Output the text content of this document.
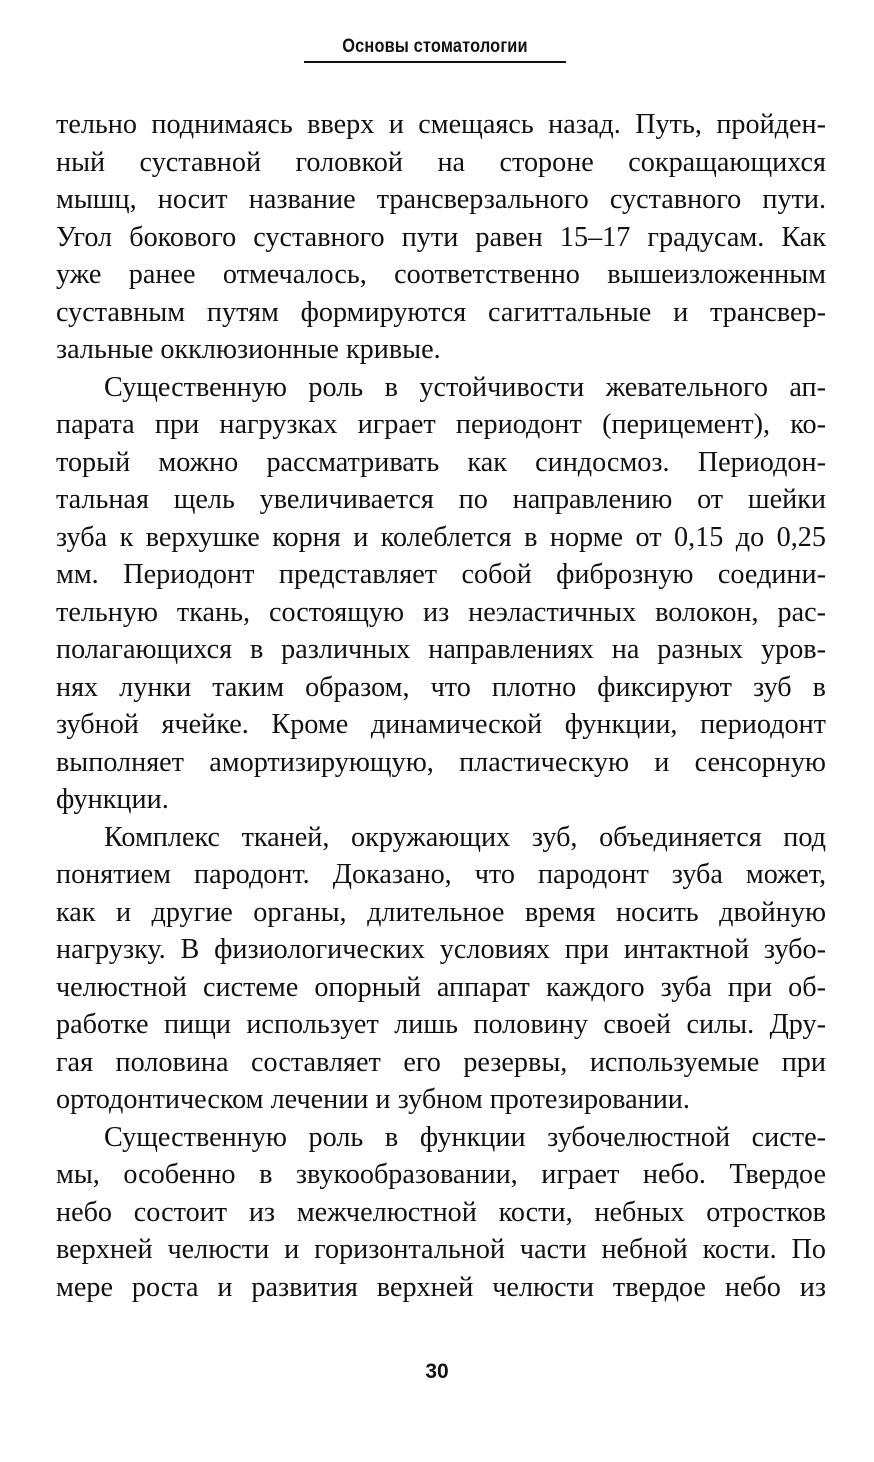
Основы стоматологии
тельно поднимаясь вверх и смещаясь назад. Путь, пройден-
ный суставной головкой на стороне сокращающихся
мышц, носит название трансверзального суставного пути.
Угол бокового суставного пути равен 15–17 градусам. Как
уже ранее отмечалось, соответственно вышеизложенным
суставным путям формируются сагиттальные и трансвер-
зальные окклюзионные кривые.
Существенную роль в устойчивости жевательного ап-
парата при нагрузках играет периодонт (перицемент), ко-
торый можно рассматривать как синдосмоз. Периодон-
тальная щель увеличивается по направлению от шейки
зуба к верхушке корня и колеблется в норме от 0,15 до 0,25
мм. Периодонт представляет собой фиброзную соедини-
тельную ткань, состоящую из неэластичных волокон, рас-
полагающихся в различных направлениях на разных уров-
нях лунки таким образом, что плотно фиксируют зуб в
зубной ячейке. Кроме динамической функции, периодонт
выполняет амортизирующую, пластическую и сенсорную
функции.
Комплекс тканей, окружающих зуб, объединяется под
понятием пародонт. Доказано, что пародонт зуба может,
как и другие органы, длительное время носить двойную
нагрузку. В физиологических условиях при интактной зубо-
челюстной системе опорный аппарат каждого зуба при об-
работке пищи использует лишь половину своей силы. Дру-
гая половина составляет его резервы, используемые при
ортодонтическом лечении и зубном протезировании.
Существенную роль в функции зубочелюстной систе-
мы, особенно в звукообразовании, играет небо. Твердое
небо состоит из межчелюстной кости, небных отростков
верхней челюсти и горизонтальной части небной кости. По
мере роста и развития верхней челюсти твердое небо из
30
